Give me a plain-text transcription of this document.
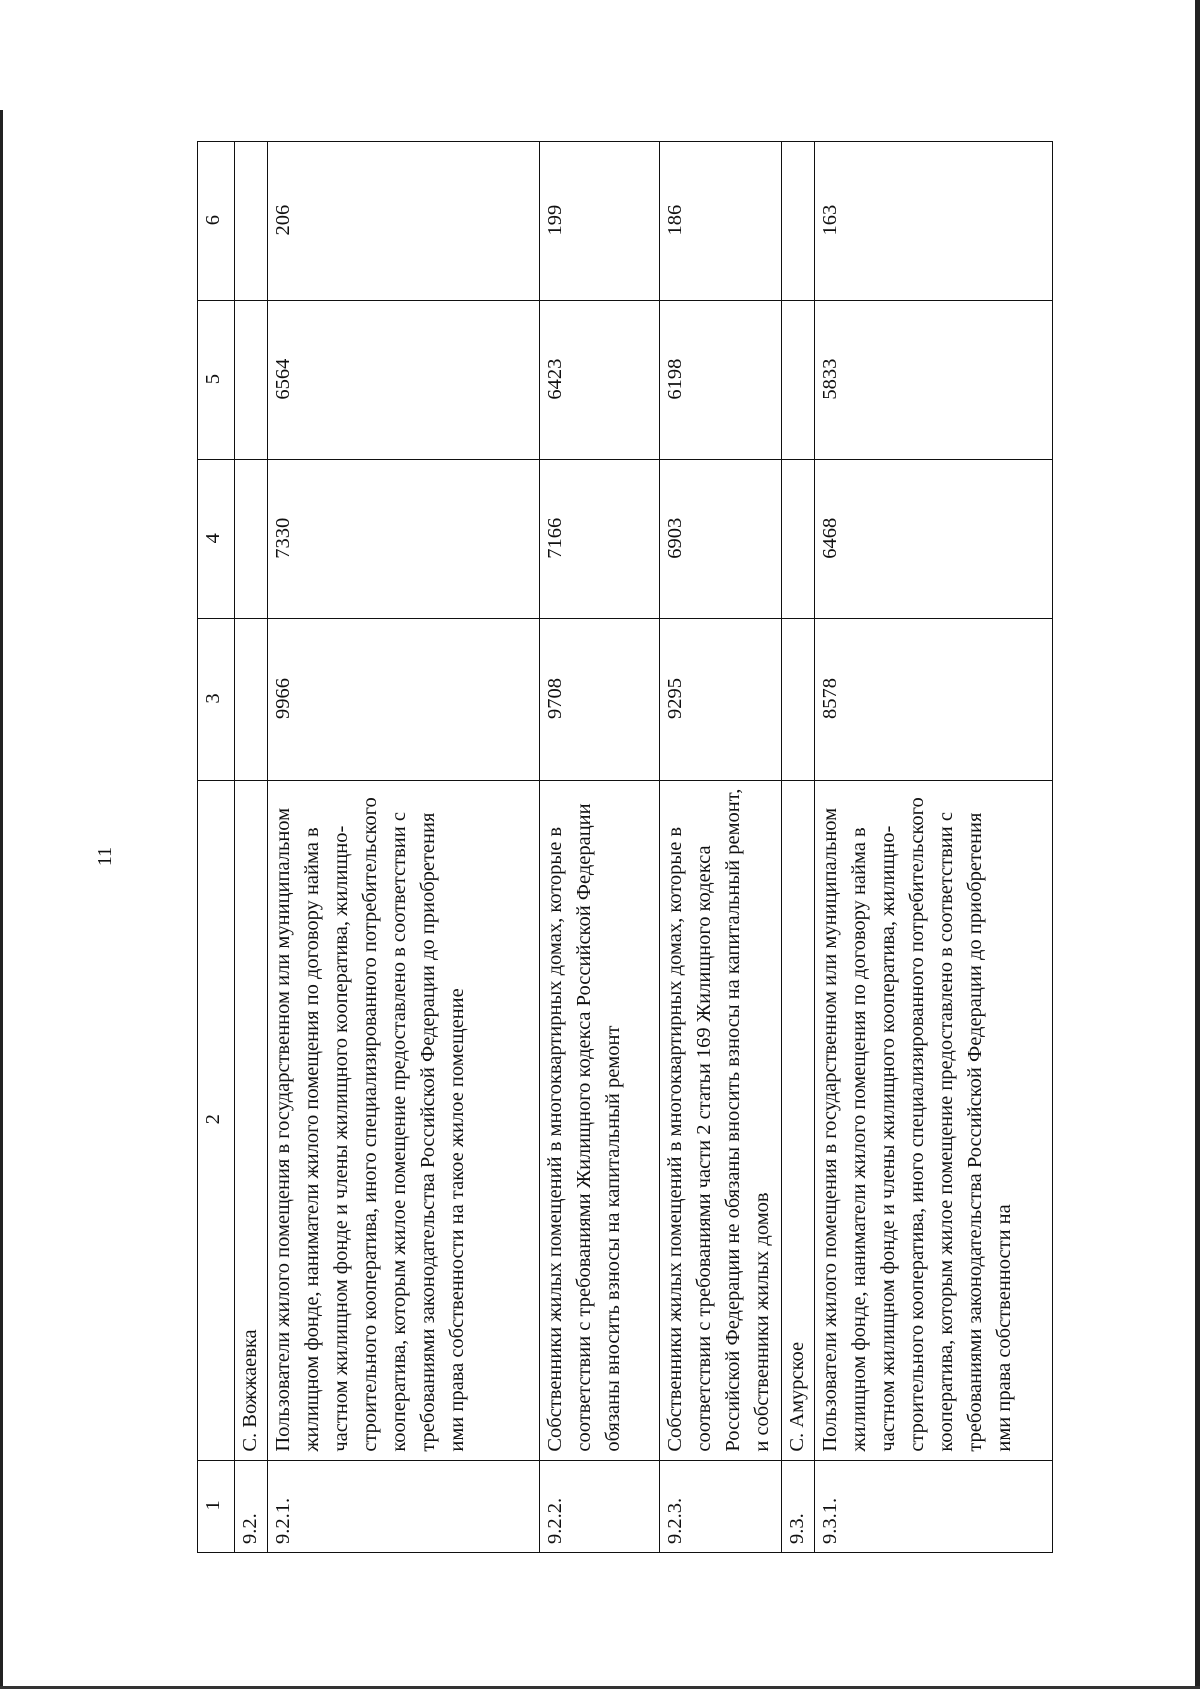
11
1	2	3	4	5	6
9.2.	С. Вожжаевка				
9.2.1.	Пользователи жилого помещения в государственном или муниципальном жилищном фонде, наниматели жилого помещения по договору найма в частном жилищном фонде и члены жилищного кооператива, жилищно-строительного кооператива, иного специализированного потребительского кооператива, которым жилое помещение предоставлено в соответствии с требованиями законодательства Российской Федерации до приобретения ими права собственности на такое жилое помещение	9966	7330	6564	206
9.2.2.	Собственники жилых помещений в многоквартирных домах, которые в соответствии с требованиями Жилищного кодекса Российской Федерации обязаны вносить взносы на капитальный ремонт	9708	7166	6423	199
9.2.3.	Собственники жилых помещений в многоквартирных домах, которые в соответствии с требованиями части 2 статьи 169 Жилищного кодекса Российской Федерации не обязаны вносить взносы на капитальный ремонт, и собственники жилых домов	9295	6903	6198	186
9.3.	С. Амурское				
9.3.1.	Пользователи жилого помещения в государственном или муниципальном жилищном фонде, наниматели жилого помещения по договору найма в частном жилищном фонде и члены жилищного кооператива, жилищно-строительного кооператива, иного специализированного потребительского кооператива, которым жилое помещение предоставлено в соответствии с требованиями законодательства Российской Федерации до приобретения ими права собственности на	8578	6468	5833	163
